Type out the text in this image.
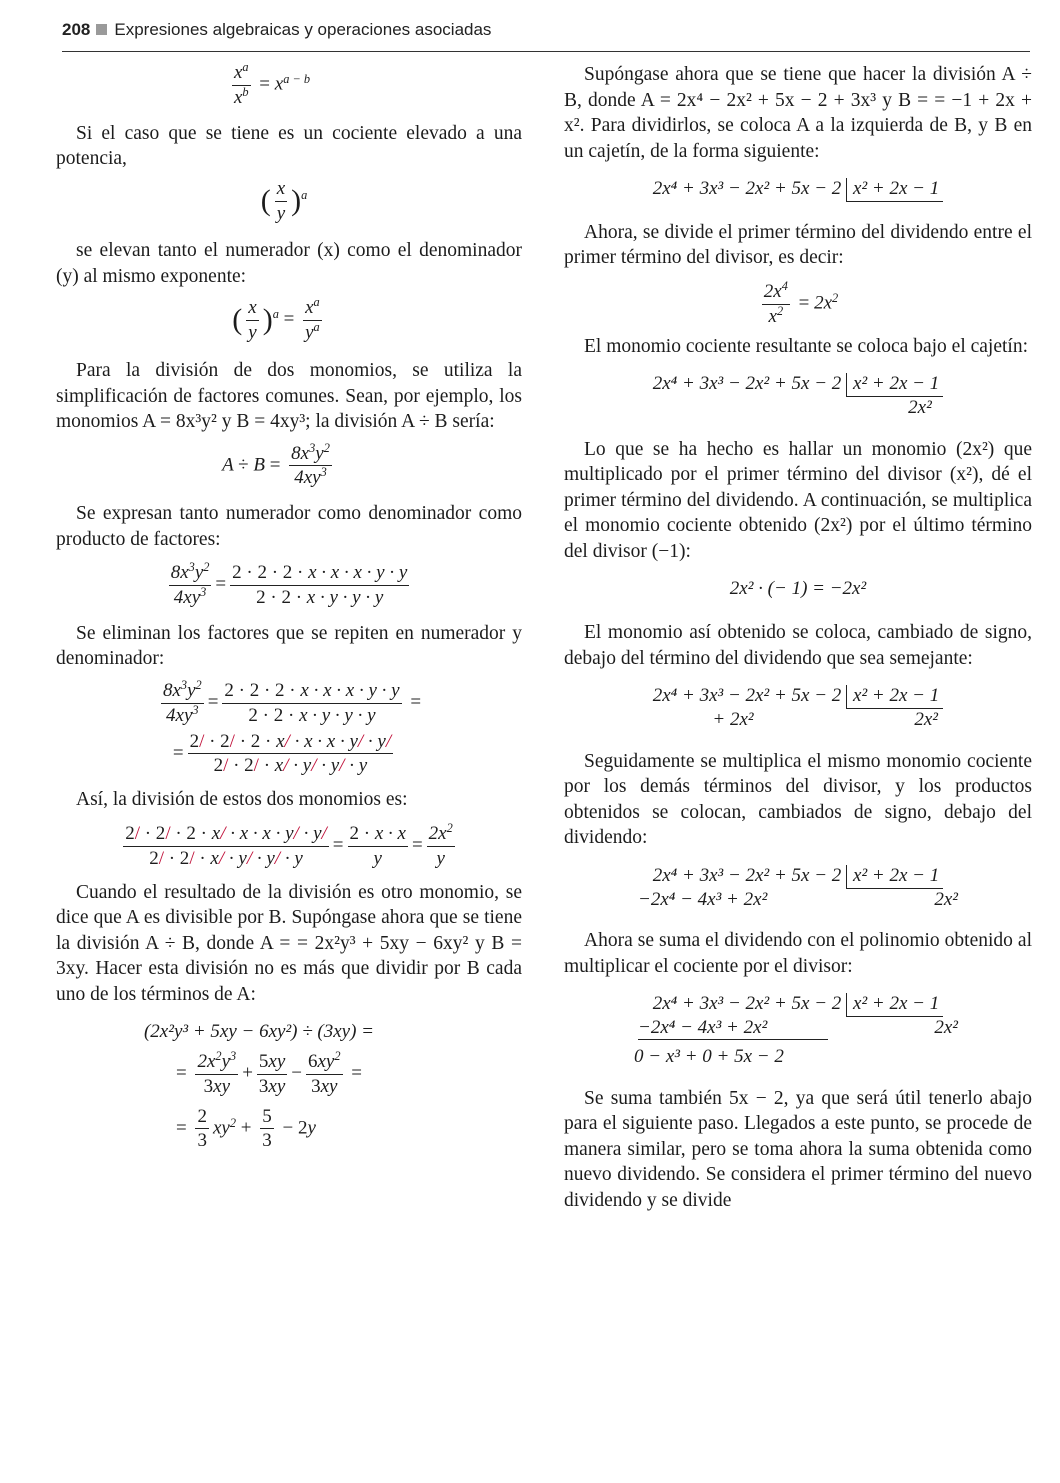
208 Expresiones algebraicas y operaciones asociadas
$\frac{x^a}{x^b} = x^{a - b}$

Si el caso que se tiene es un cociente elevado a una potencia,

( $\frac{x}{y} )^a$

se elevan tanto el numerador (x) como el denominador (y) al mismo exponente:

( $\frac{x}{y} )^a = \frac{x^a}{y^a}$

Para la división de dos monomios, se utiliza la simplificación de factores comunes. Sean, por ejemplo, los monomios A = 8x³y² y B = 4xy³; la división A ÷ B sería:

$A \div B = \frac{8x^3y^2}{4xy^3}$

Se expresan tanto numerador como denominador como producto de factores:

$\frac{8x^3y^2}{4xy^3} = \frac{2 \cdot 2 \cdot 2 \cdot x \cdot x \cdot x \cdot y \cdot y}{2 \cdot 2 \cdot x \cdot y \cdot y \cdot y}$

Se eliminan los factores que se repiten en numerador y denominador:

$\frac{8x^3y^2}{4xy^3} = \frac{2 \cdot 2 \cdot 2 \cdot x \cdot x \cdot x \cdot y \cdot y}{2 \cdot 2 \cdot x \cdot y \cdot y \cdot y}$ =
= $\frac{2/ \cdot 2/ \cdot 2 \cdot x/ \cdot x \cdot x \cdot y/ \cdot y/}{2/ \cdot 2/ \cdot x/ \cdot y/ \cdot y/ \cdot y}$

Así, la división de estos dos monomios es:

$\frac{2/ \cdot 2/ \cdot 2 \cdot x/ \cdot x \cdot x \cdot y/ \cdot y/}{2/ \cdot 2/ \cdot x/ \cdot y/ \cdot y/ \cdot y} = \frac{2 \cdot x \cdot x}{y} = \frac{2x^2}{y}$

Cuando el resultado de la división es otro monomio, se dice que A es divisible por B. Supóngase ahora que se tiene la división A ÷ B, donde A = = 2x²y³ + 5xy − 6xy² y B = 3xy. Hacer esta división no es más que dividir por B cada uno de los términos de A:

(2x²y³ + 5xy − 6xy²) ÷ (3xy) =
= $\frac{2x^2y^3}{3xy} + \frac{5xy}{3xy} - \frac{6xy^2}{3xy}$ =
= $\frac{2}{3} xy^2 + \frac{5}{3} - 2y$

Supóngase ahora que se tiene que hacer la división A ÷ B, donde A = 2x⁴ − 2x² + 5x − 2 + 3x³ y B = = −1 + 2x + x². Para dividirlos, se coloca A a la izquierda de B, y B en un cajetín, de la forma siguiente:

2x⁴ + 3x³ − 2x² + 5x − 2 x² + 2x − 1

Ahora, se divide el primer término del dividendo entre el primer término del divisor, es decir:

$\frac{2x^4}{x^2} = 2x^2$

El monomio cociente resultante se coloca bajo el cajetín:

2x⁴ + 3x³ − 2x² + 5x − 2 x² + 2x − 1
2x²

Lo que se ha hecho es hallar un monomio (2x²) que multiplicado por el primer término del divisor (x²), dé el primer término del dividendo. A continuación, se multiplica el monomio cociente obtenido (2x²) por el último término del divisor (−1):

2x² · (− 1) = −2x²

El monomio así obtenido se coloca, cambiado de signo, debajo del término del dividendo que sea semejante:

2x⁴ + 3x³ − 2x² + 5x − 2 x² + 2x − 1
+ 2x²	2x²

Seguidamente se multiplica el mismo monomio cociente por los demás términos del divisor, y los productos obtenidos se colocan, cambiados de signo, debajo del dividendo:

2x⁴ + 3x³ − 2x² + 5x − 2 x² + 2x − 1
−2x⁴ − 4x³ + 2x²	2x²

Ahora se suma el dividendo con el polinomio obtenido al multiplicar el cociente por el divisor:

2x⁴ + 3x³ − 2x² + 5x − 2 x² + 2x − 1
−2x⁴ − 4x³ + 2x²	2x²
0 − x³ + 0 + 5x − 2

Se suma también 5x − 2, ya que será útil tenerlo abajo para el siguiente paso. Llegados a este punto, se procede de manera similar, pero se toma ahora la suma obtenida como nuevo dividendo. Se considera el primer término del nuevo dividendo y se divide
